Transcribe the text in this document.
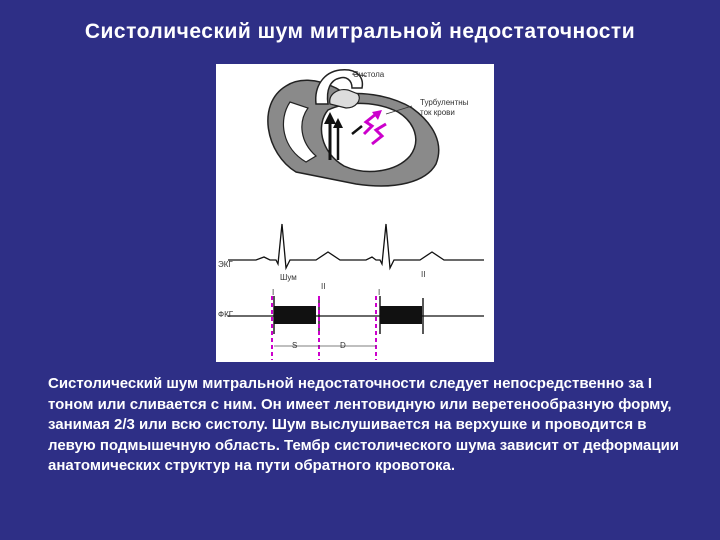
Систолический шум митральной недостаточности
Систола
Турбулентны
ток крови
ЭКГ
Шум
ФКГ
I
II
I
II
S	D
Систолический шум митральной недостаточности следует непосредственно за I тоном или сливается с ним. Он имеет лентовидную или веретенообразную форму, занимая 2/3 или всю систолу. Шум выслушивается на верхушке и проводится в левую подмышечную область. Тембр систолического шума зависит от деформации анатомических структур на пути обратного кровотока.
